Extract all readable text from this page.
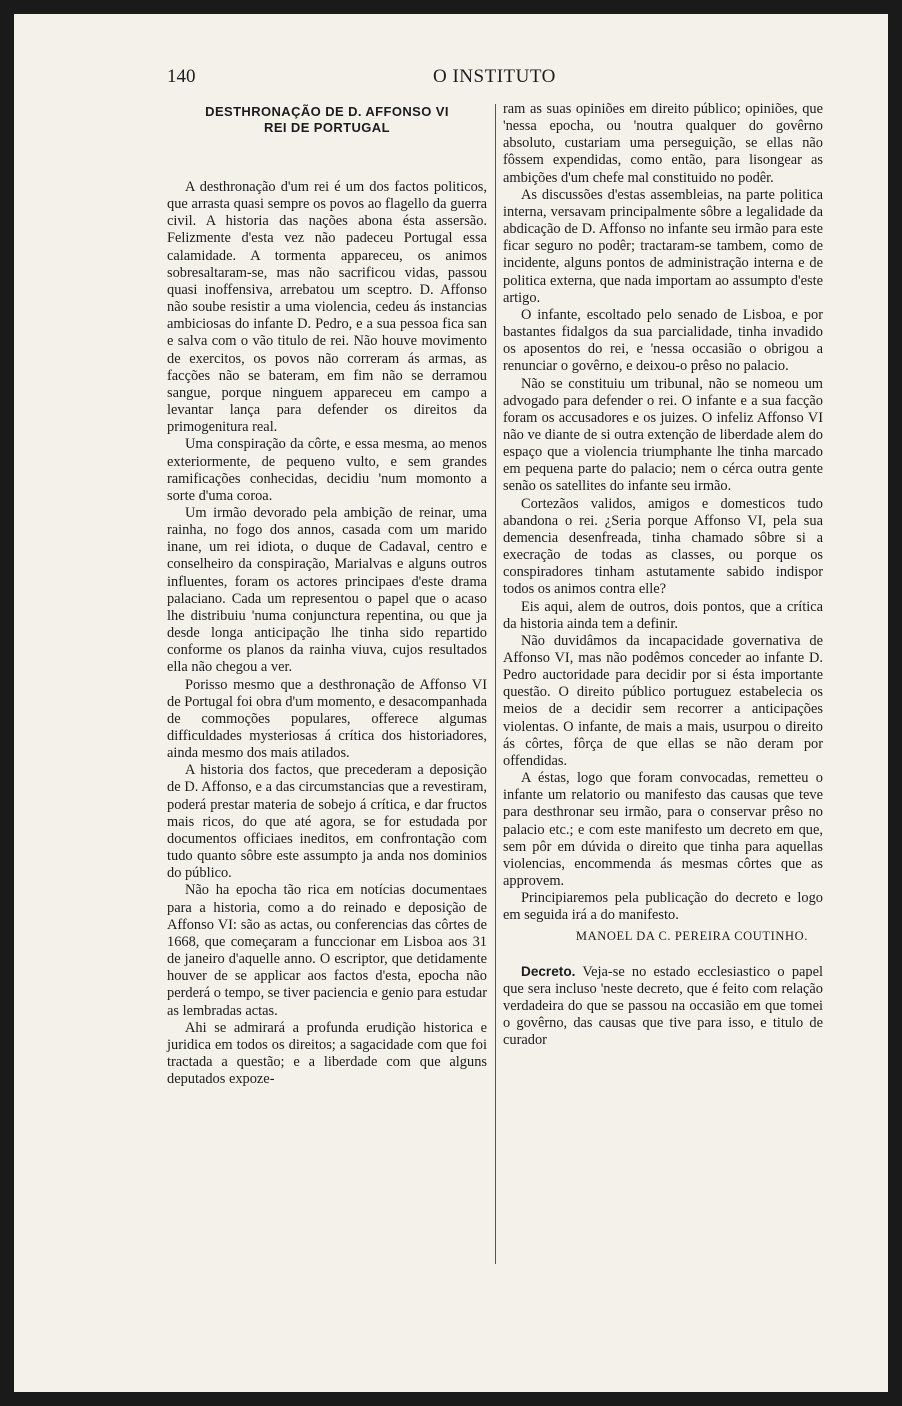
140	O INSTITUTO
DESTHRONAÇÃO DE D. AFFONSO VI
REI DE PORTUGAL

A desthronação d'um rei é um dos factos politicos, que arrasta quasi sempre os povos ao flagello da guerra civil. A historia das nações abona ésta assersão. Felizmente d'esta vez não padeceu Portugal essa calamidade. A tormenta appareceu, os animos sobresaltaram-se, mas não sacrificou vidas, passou quasi inoffensiva, arrebatou um sceptro. D. Affonso não soube resistir a uma violencia, cedeu ás instancias ambiciosas do infante D. Pedro, e a sua pessoa fica san e salva com o vão titulo de rei. Não houve movimento de exercitos, os povos não correram ás armas, as facções não se bateram, em fim não se derramou sangue, porque ninguem appareceu em campo a levantar lança para defender os direitos da primogenitura real.

Uma conspiração da côrte, e essa mesma, ao menos exteriormente, de pequeno vulto, e sem grandes ramificações conhecidas, decidiu 'num momonto a sorte d'uma coroa.

Um irmão devorado pela ambição de reinar, uma rainha, no fogo dos annos, casada com um marido inane, um rei idiota, o duque de Cadaval, centro e conselheiro da conspiração, Marialvas e alguns outros influentes, foram os actores principaes d'este drama palaciano. Cada um representou o papel que o acaso lhe distribuiu 'numa conjunctura repentina, ou que ja desde longa anticipação lhe tinha sido repartido conforme os planos da rainha viuva, cujos resultados ella não chegou a ver.

Porisso mesmo que a desthronação de Affonso VI de Portugal foi obra d'um momento, e desacompanhada de commoções populares, offerece algumas difficuldades mysteriosas á crítica dos historiadores, ainda mesmo dos mais atilados.

A historia dos factos, que precederam a deposição de D. Affonso, e a das circumstancias que a revestiram, poderá prestar materia de sobejo á crítica, e dar fructos mais ricos, do que até agora, se for estudada por documentos officiaes ineditos, em confrontação com tudo quanto sôbre este assumpto ja anda nos dominios do público.

Não ha epocha tão rica em notícias documentaes para a historia, como a do reinado e deposição de Affonso VI: são as actas, ou conferencias das côrtes de 1668, que começaram a funccionar em Lisboa aos 31 de janeiro d'aquelle anno. O escriptor, que detidamente houver de se applicar aos factos d'esta, epocha não perderá o tempo, se tiver paciencia e genio para estudar as lembradas actas.

Ahi se admirará a profunda erudição historica e juridica em todos os direitos; a sagacidade com que foi tractada a questão; e a liberdade com que alguns deputados expoze-

ram as suas opiniões em direito público; opiniões, que 'nessa epocha, ou 'noutra qualquer do govêrno absoluto, custariam uma perseguição, se ellas não fôssem expendidas, como então, para lisongear as ambições d'um chefe mal constituido no podêr.

As discussões d'estas assembleias, na parte politica interna, versavam principalmente sôbre a legalidade da abdicação de D. Affonso no infante seu irmão para este ficar seguro no podêr; tractaram-se tambem, como de incidente, alguns pontos de administração interna e de politica externa, que nada importam ao assumpto d'este artigo.

O infante, escoltado pelo senado de Lisboa, e por bastantes fidalgos da sua parcialidade, tinha invadido os aposentos do rei, e 'nessa occasião o obrigou a renunciar o govêrno, e deixou-o prêso no palacio.

Não se constituiu um tribunal, não se nomeou um advogado para defender o rei. O infante e a sua facção foram os accusadores e os juizes. O infeliz Affonso VI não ve diante de si outra extenção de liberdade alem do espaço que a violencia triumphante lhe tinha marcado em pequena parte do palacio; nem o cérca outra gente senão os satellites do infante seu irmão.

Cortezãos validos, amigos e domesticos tudo abandona o rei. ¿Seria porque Affonso VI, pela sua demencia desenfreada, tinha chamado sôbre si a execração de todas as classes, ou porque os conspiradores tinham astutamente sabido indispor todos os animos contra elle?

Eis aqui, alem de outros, dois pontos, que a crítica da historia ainda tem a definir.

Não duvidâmos da incapacidade governativa de Affonso VI, mas não podêmos conceder ao infante D. Pedro auctoridade para decidir por si ésta importante questão. O direito público portuguez estabelecia os meios de a decidir sem recorrer a anticipações violentas. O infante, de mais a mais, usurpou o direito ás côrtes, fôrça de que ellas se não deram por offendidas.

A éstas, logo que foram convocadas, remetteu o infante um relatorio ou manifesto das causas que teve para desthronar seu irmão, para o conservar prêso no palacio etc.; e com este manifesto um decreto em que, sem pôr em dúvida o direito que tinha para aquellas violencias, encommenda ás mesmas côrtes que as approvem.

Principiaremos pela publicação do decreto e logo em seguida irá a do manifesto.

MANOEL DA C. PEREIRA COUTINHO.

Decreto. Veja-se no estado ecclesiastico o papel que sera incluso 'neste decreto, que é feito com relação verdadeira do que se passou na occasião em que tomei o govêrno, das causas que tive para isso, e titulo de curador
